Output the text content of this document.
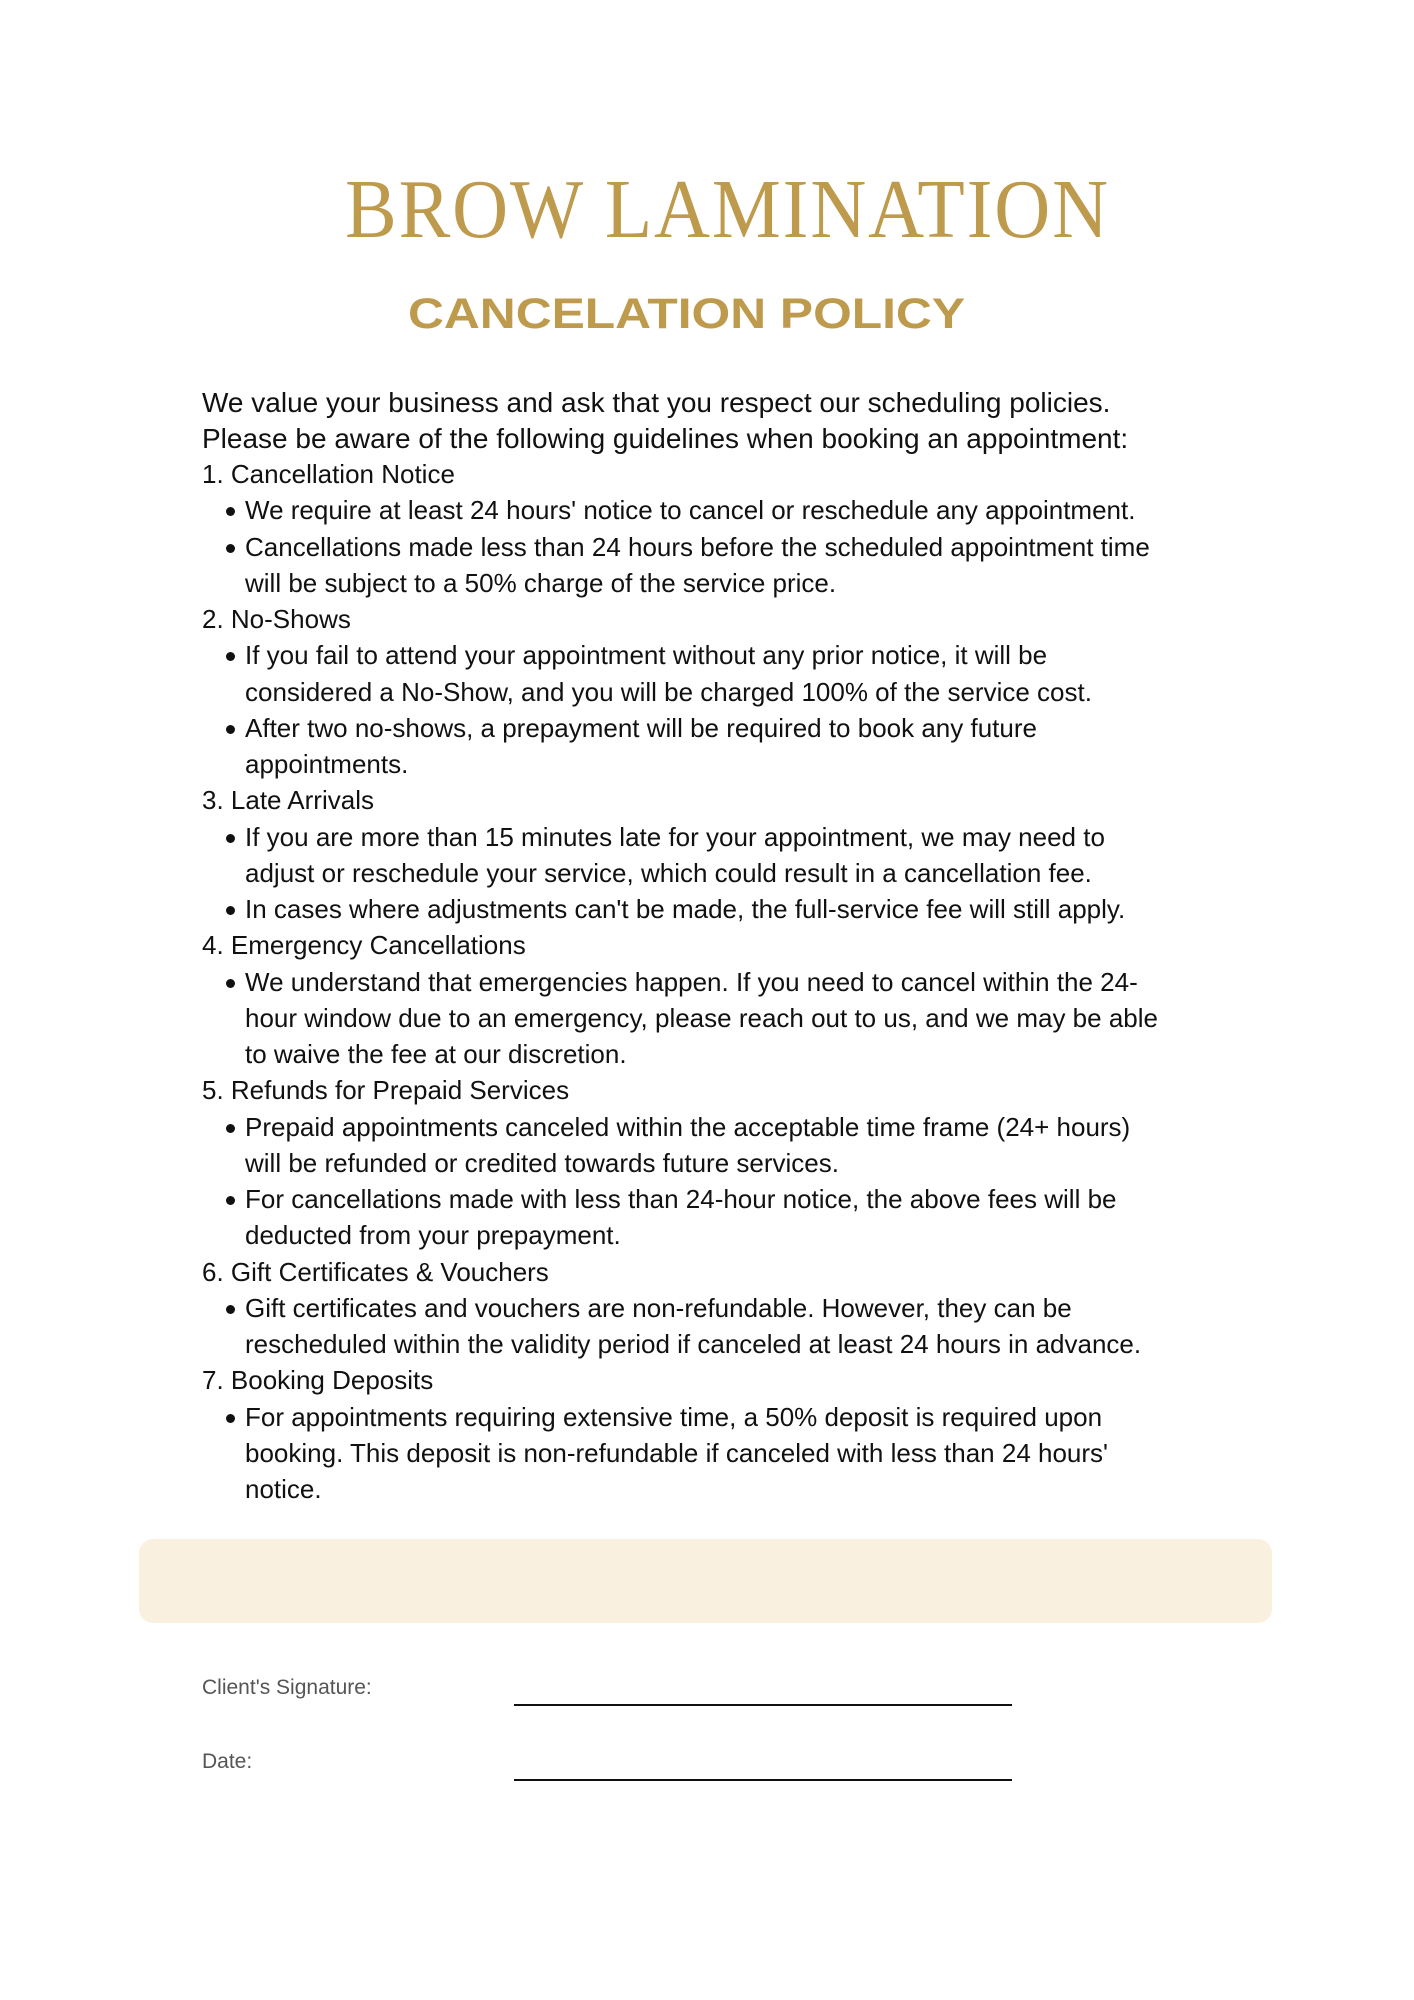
BROW LAMINATION
CANCELATION POLICY
We value your business and ask that you respect our scheduling policies.
Please be aware of the following guidelines when booking an appointment:
1. Cancellation Notice
We require at least 24 hours' notice to cancel or reschedule any appointment.
Cancellations made less than 24 hours before the scheduled appointment time
will be subject to a 50% charge of the service price.
2. No-Shows
If you fail to attend your appointment without any prior notice, it will be
considered a No-Show, and you will be charged 100% of the service cost.
After two no-shows, a prepayment will be required to book any future
appointments.
3. Late Arrivals
If you are more than 15 minutes late for your appointment, we may need to
adjust or reschedule your service, which could result in a cancellation fee.
In cases where adjustments can't be made, the full-service fee will still apply.
4. Emergency Cancellations
We understand that emergencies happen. If you need to cancel within the 24-
hour window due to an emergency, please reach out to us, and we may be able
to waive the fee at our discretion.
5. Refunds for Prepaid Services
Prepaid appointments canceled within the acceptable time frame (24+ hours)
will be refunded or credited towards future services.
For cancellations made with less than 24-hour notice, the above fees will be
deducted from your prepayment.
6. Gift Certificates & Vouchers
Gift certificates and vouchers are non-refundable. However, they can be
rescheduled within the validity period if canceled at least 24 hours in advance.
7. Booking Deposits
For appointments requiring extensive time, a 50% deposit is required upon
booking. This deposit is non-refundable if canceled with less than 24 hours'
notice.
Client's Signature:
Date:
